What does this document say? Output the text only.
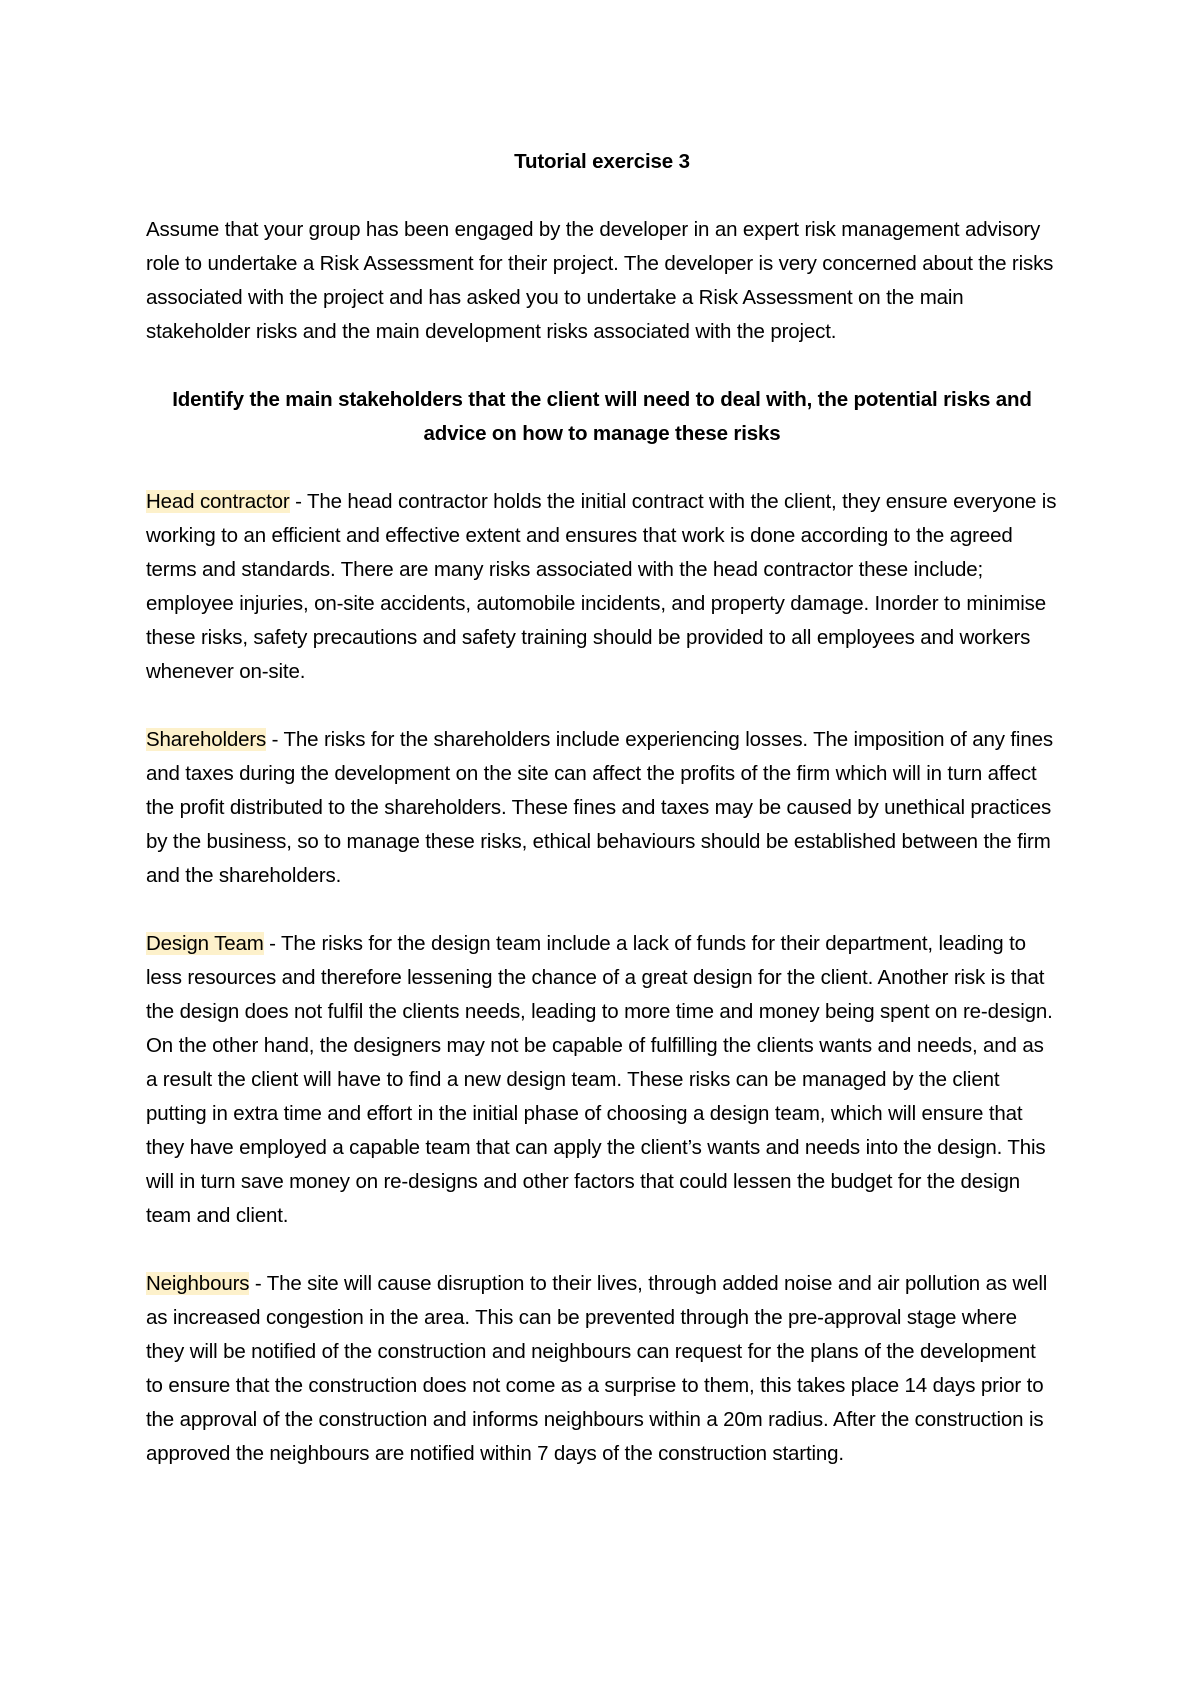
Tutorial exercise 3

Assume that your group has been engaged by the developer in an expert risk management advisory role to undertake a Risk Assessment for their project. The developer is very concerned about the risks associated with the project and has asked you to undertake a Risk Assessment on the main stakeholder risks and the main development risks associated with the project.

Identify the main stakeholders that the client will need to deal with, the potential risks and advice on how to manage these risks

Head contractor - The head contractor holds the initial contract with the client, they ensure everyone is working to an efficient and effective extent and ensures that work is done according to the agreed terms and standards. There are many risks associated with the head contractor these include; employee injuries, on-site accidents, automobile incidents, and property damage. Inorder to minimise these risks, safety precautions and safety training should be provided to all employees and workers whenever on-site.

Shareholders - The risks for the shareholders include experiencing losses. The imposition of any fines and taxes during the development on the site can affect the profits of the firm which will in turn affect the profit distributed to the shareholders. These fines and taxes may be caused by unethical practices by the business, so to manage these risks, ethical behaviours should be established between the firm and the shareholders.

Design Team - The risks for the design team include a lack of funds for their department, leading to less resources and therefore lessening the chance of a great design for the client. Another risk is that the design does not fulfil the clients needs, leading to more time and money being spent on re-design. On the other hand, the designers may not be capable of fulfilling the clients wants and needs, and as a result the client will have to find a new design team. These risks can be managed by the client putting in extra time and effort in the initial phase of choosing a design team, which will ensure that they have employed a capable team that can apply the client’s wants and needs into the design. This will in turn save money on re-designs and other factors that could lessen the budget for the design team and client.

Neighbours - The site will cause disruption to their lives, through added noise and air pollution as well as increased congestion in the area. This can be prevented through the pre-approval stage where they will be notified of the construction and neighbours can request for the plans of the development to ensure that the construction does not come as a surprise to them, this takes place 14 days prior to the approval of the construction and informs neighbours within a 20m radius. After the construction is approved the neighbours are notified within 7 days of the construction starting.
